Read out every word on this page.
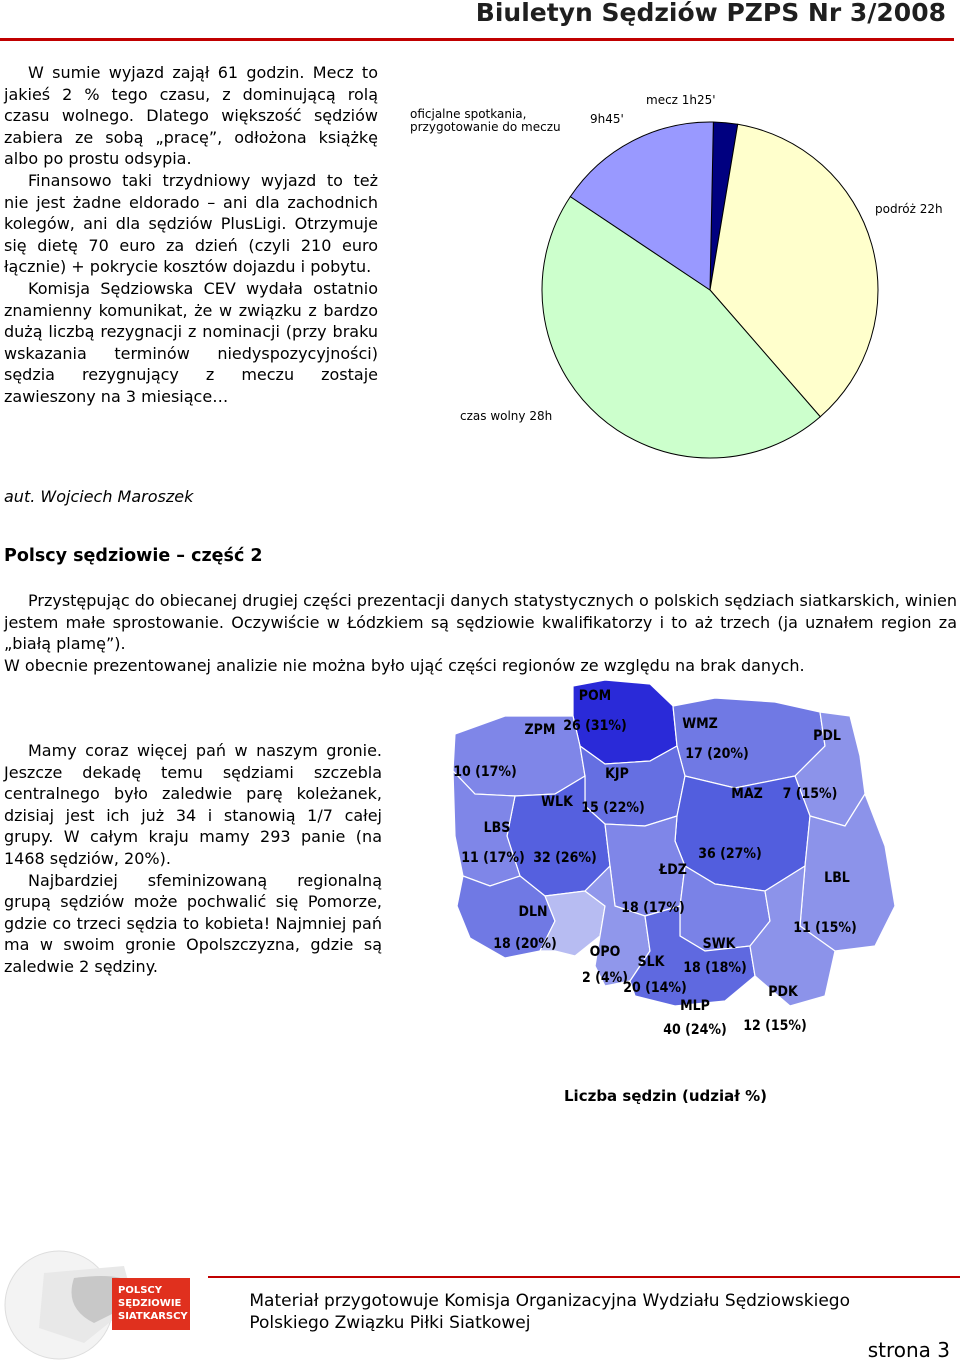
Biuletyn Sędziów PZPS Nr 3/2008

W sumie wyjazd zajął 61 godzin. Mecz to jakieś 2 % tego czasu, z dominującą rolą czasu wolnego. Dlatego większość sędziów zabiera ze sobą „pracę”, odłożona książkę albo po prostu odsypia.

Finansowo taki trzydniowy wyjazd to też nie jest żadne eldorado – ani dla zachodnich kolegów, ani dla sędziów PlusLigi. Otrzymuje się dietę 70 euro za dzień (czyli 210 euro łącznie) + pokrycie kosztów dojazdu i pobytu.

Komisja Sędziowska CEV wydała ostatnio znamienny komunikat, że w związku z bardzo dużą liczbą rezygnacji z nominacji (przy braku wskazania terminów niedyspozycyjności) sędzia rezygnujący z meczu zostaje zawieszony na 3 miesiące…

mecz 1h25'
podróż 22h
czas wolny 28h
oficjalne spotkania,
przygotowanie do meczu
9h45'
aut. Wojciech Maroszek
Polscy sędziowie – część 2

Przystępując do obiecanej drugiej części prezentacji danych statystycznych o polskich sędziach siatkarskich, winien jestem małe sprostowanie. Oczywiście w Łódzkiem są sędziowie kwalifikatorzy i to aż trzech (ja uznałem region za „białą plamę”).

W obecnie prezentowanej analizie nie można było ująć części regionów ze względu na brak danych.

Mamy coraz więcej pań w naszym gronie. Jeszcze dekadę temu sędziami szczebla centralnego było zaledwie parę koleżanek, dzisiaj jest ich już 34 i stanowią 1/7 całej grupy. W całym kraju mamy 293 panie (na 1468 sędziów, 20%).

Najbardziej sfeminizowaną regionalną grupą sędziów może pochwalić się Pomorze, gdzie co trzeci sędzia to kobieta! Najmniej pań ma w swoim gronie Opolszczyzna, gdzie są zaledwie 2 sędziny.

POM
26 (31%)
ZPM
10 (17%)
WMZ
17 (20%)
PDL
7 (15%)
KJP
15 (22%)
WLK
32 (26%)
LBS
11 (17%)
MAZ
36 (27%)
ŁDZ
18 (17%)
LBL
11 (15%)
DLN
18 (20%) OPO
2 (4%)
SLK
20 (14%)
SWK
18 (18%)
MLP
40 (24%)
PDK
12 (15%)
Liczba sędzin (udział %)
POLSCY
SĘDZIOWIE
SIATKARSCY
Materiał przygotowuje Komisja Organizacyjna Wydziału Sędziowskiego
Polskiego Związku Piłki Siatkowej
strona 3
